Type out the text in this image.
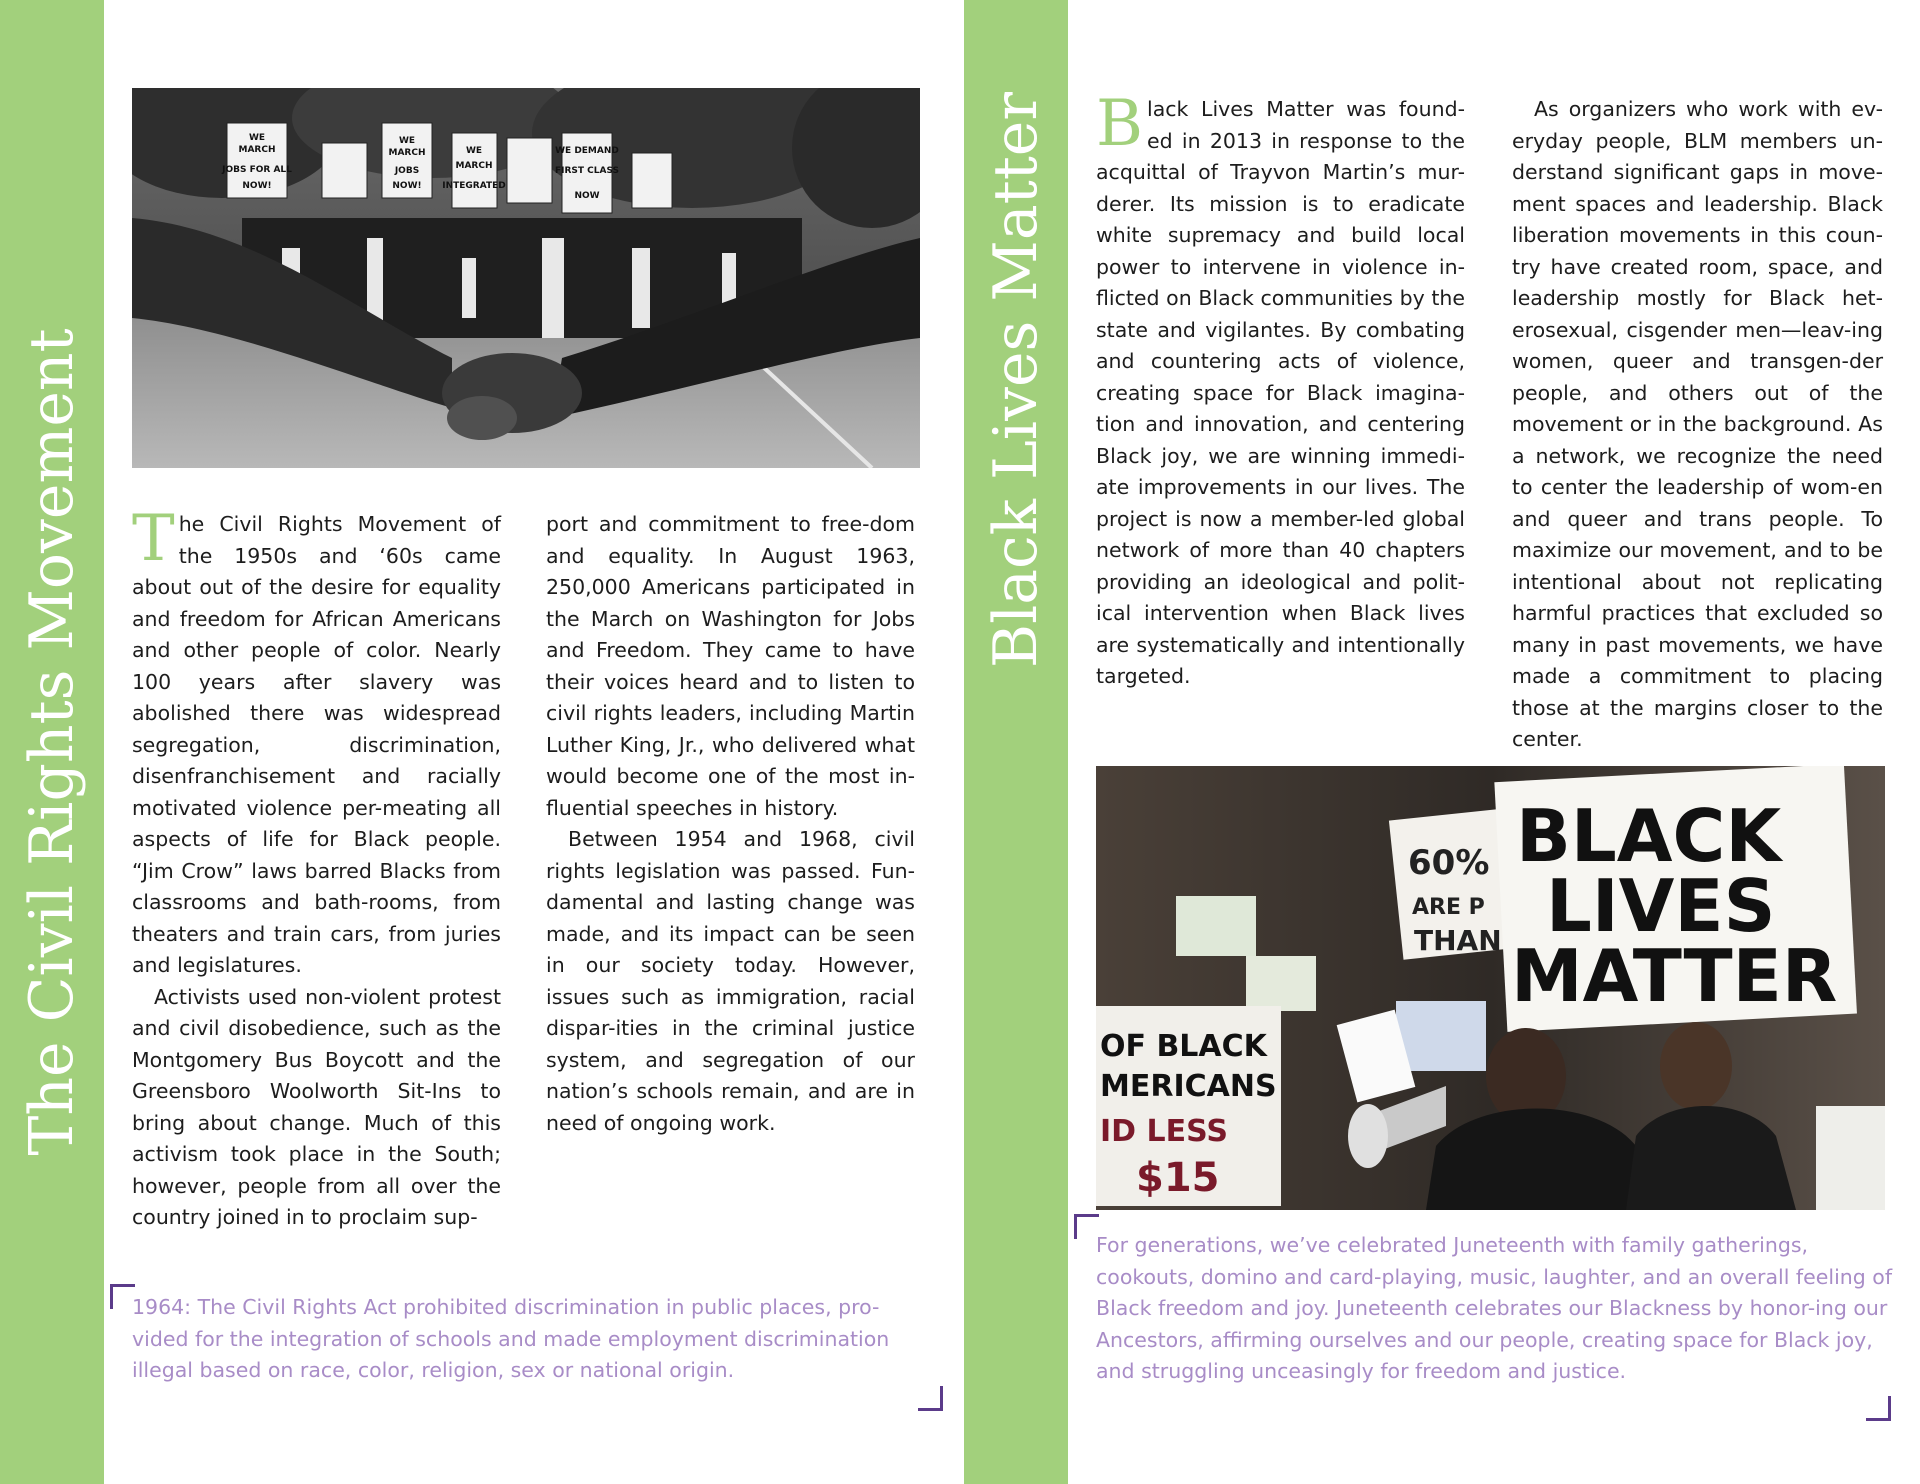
The Civil Rights Movement
WE
MARCH
JOBS FOR ALL
NOW!
WE
MARCH
JOBS
NOW!
WE
MARCH
INTEGRATED
WE DEMAND
FIRST CLASS
NOW

The Civil Rights Movement of the 1950s and ‘60s came about out of the desire for equality and freedom for African Americans and other people of color. Nearly 100 years after slavery was abolished there was widespread segregation, discrimination, disenfranchisement and racially motivated violence per-meating all aspects of life for Black people. “Jim Crow” laws barred Blacks from classrooms and bath-rooms, from theaters and train cars, from juries and legislatures.

Activists used non-violent protest and civil disobedience, such as the Montgomery Bus Boycott and the Greensboro Woolworth Sit-Ins to bring about change. Much of this activism took place in the South; however, people from all over the country joined in to proclaim sup-

port and commitment to free-dom and equality. In August 1963, 250,000 Americans participated in the March on Washington for Jobs and Freedom. They came to have their voices heard and to listen to civil rights leaders, including Martin Luther King, Jr., who delivered what would become one of the most in-fluential speeches in history.

Between 1954 and 1968, civil rights legislation was passed. Fun-damental and lasting change was made, and its impact can be seen in our society today. However, issues such as immigration, racial dispar-ities in the criminal justice system, and segregation of our nation’s schools remain, and are in need of ongoing work.

1964: The Civil Rights Act prohibited discrimination in public places, pro-vided for the integration of schools and made employment discrimination illegal based on race, color, religion, sex or national origin.
Black Lives Matter Black Lives Matter was found-ed in 2013 in response to the acquittal of Trayvon Martin’s mur-derer. Its mission is to eradicate white supremacy and build local power to intervene in violence in-flicted on Black communities by the state and vigilantes. By combating and countering acts of violence, creating space for Black imagina-tion and innovation, and centering Black joy, we are winning immedi-ate improvements in our lives. The project is now a member-led global network of more than 40 chapters providing an ideological and polit-ical intervention when Black lives are systematically and intentionally targeted.

As organizers who work with ev-eryday people, BLM members un-derstand significant gaps in move-ment spaces and leadership. Black liberation movements in this coun-try have created room, space, and leadership mostly for Black het-erosexual, cisgender men—leav-ing women, queer and transgen-der people, and others out of the movement or in the background. As a network, we recognize the need to center the leadership of wom-en and queer and trans people. To maximize our movement, and to be intentional about not replicating harmful practices that excluded so many in past movements, we have made a commitment to placing those at the margins closer to the center.

60%
ARE P
THAN
BLACK
LIVES
MATTER
OF BLACK
MERICANS
ID LESS
$15
For generations, we’ve celebrated Juneteenth with family gatherings, cookouts, domino and card-playing, music, laughter, and an overall feeling of Black freedom and joy. Juneteenth celebrates our Blackness by honor-ing our Ancestors, affirming ourselves and our people, creating space for Black joy, and struggling unceasingly for freedom and justice.
